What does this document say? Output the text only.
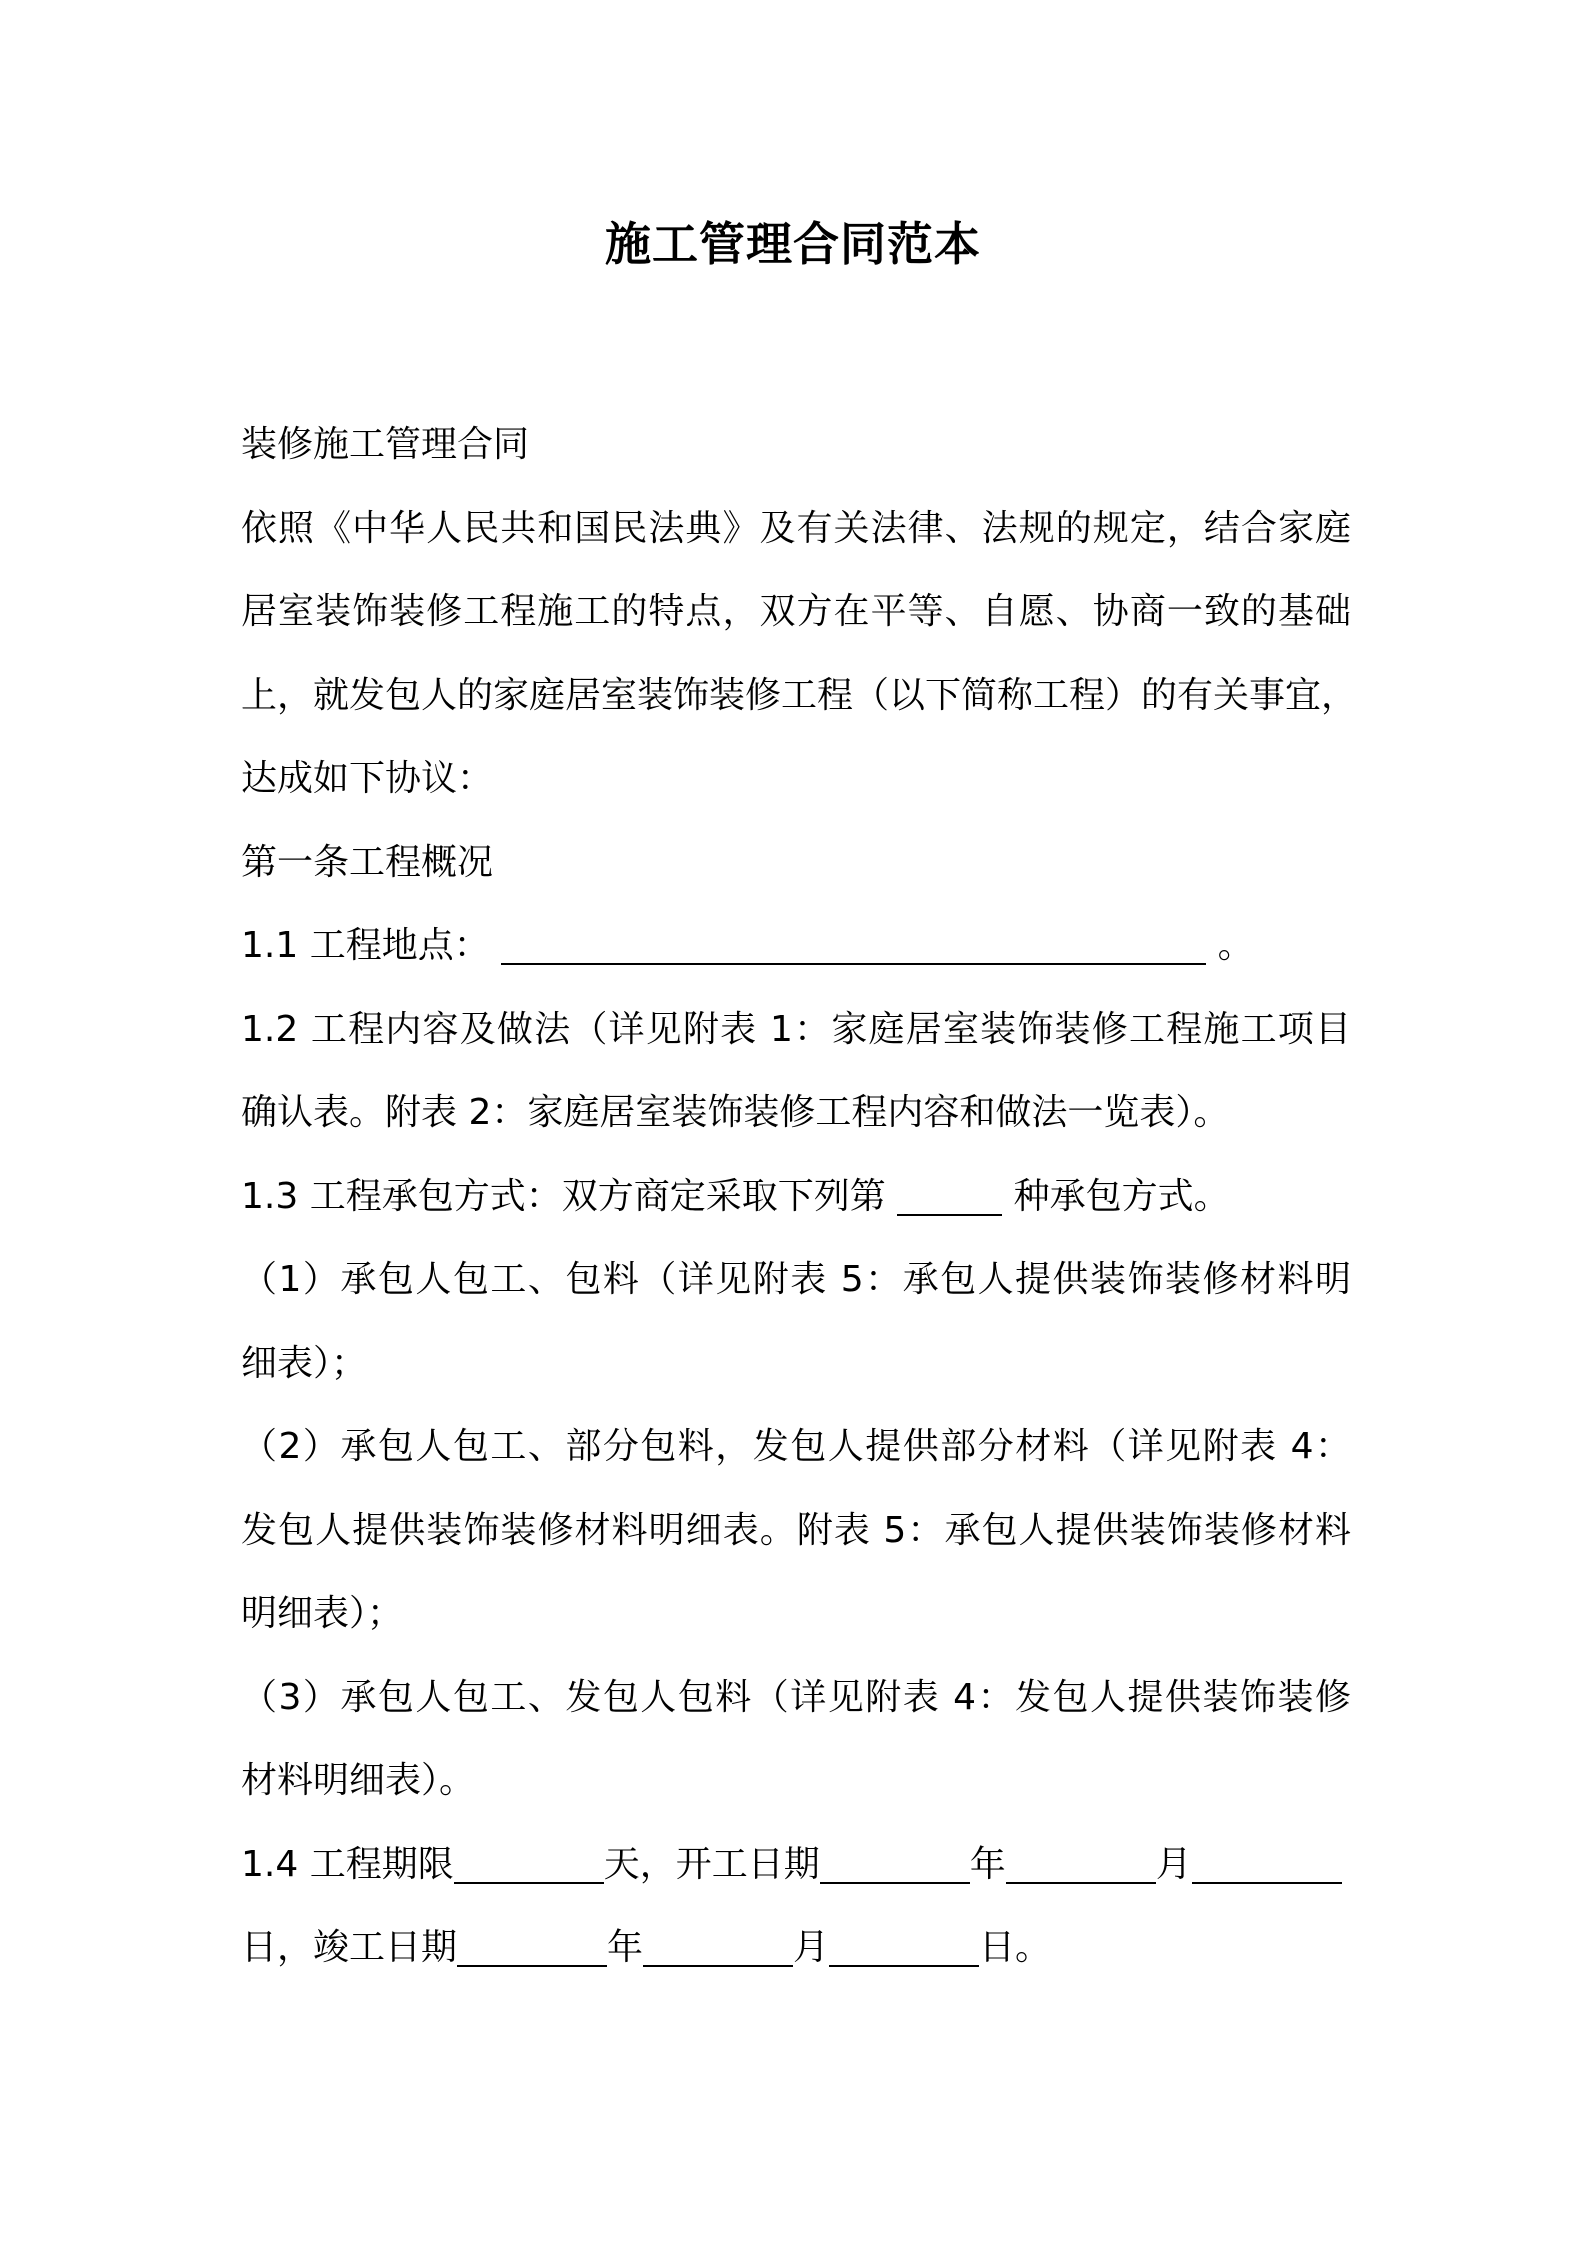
施工管理合同范本
装修施工管理合同
依照《中华人民共和国民法典》及有关法律、法规的规定，结合家庭
居室装饰装修工程施工的特点，双方在平等、自愿、协商一致的基础
上，就发包人的家庭居室装饰装修工程（以下简称工程）的有关事宜，
达成如下协议：
第一条工程概况
1.1 工程地点：	。
1.2 工程内容及做法（详见附表 1：家庭居室装饰装修工程施工项目
确认表。附表 2：家庭居室装饰装修工程内容和做法一览表）。
1.3 工程承包方式：双方商定采取下列第	种承包方式。
（1）承包人包工、包料（详见附表 5：承包人提供装饰装修材料明
细表）；
（2）承包人包工、部分包料，发包人提供部分材料（详见附表 4：
发包人提供装饰装修材料明细表。附表 5：承包人提供装饰装修材料
明细表）；
（3）承包人包工、发包人包料（详见附表 4：发包人提供装饰装修
材料明细表）。
1.4 工程期限	天，开工日期	年	月
日，竣工日期	年	月	日。
